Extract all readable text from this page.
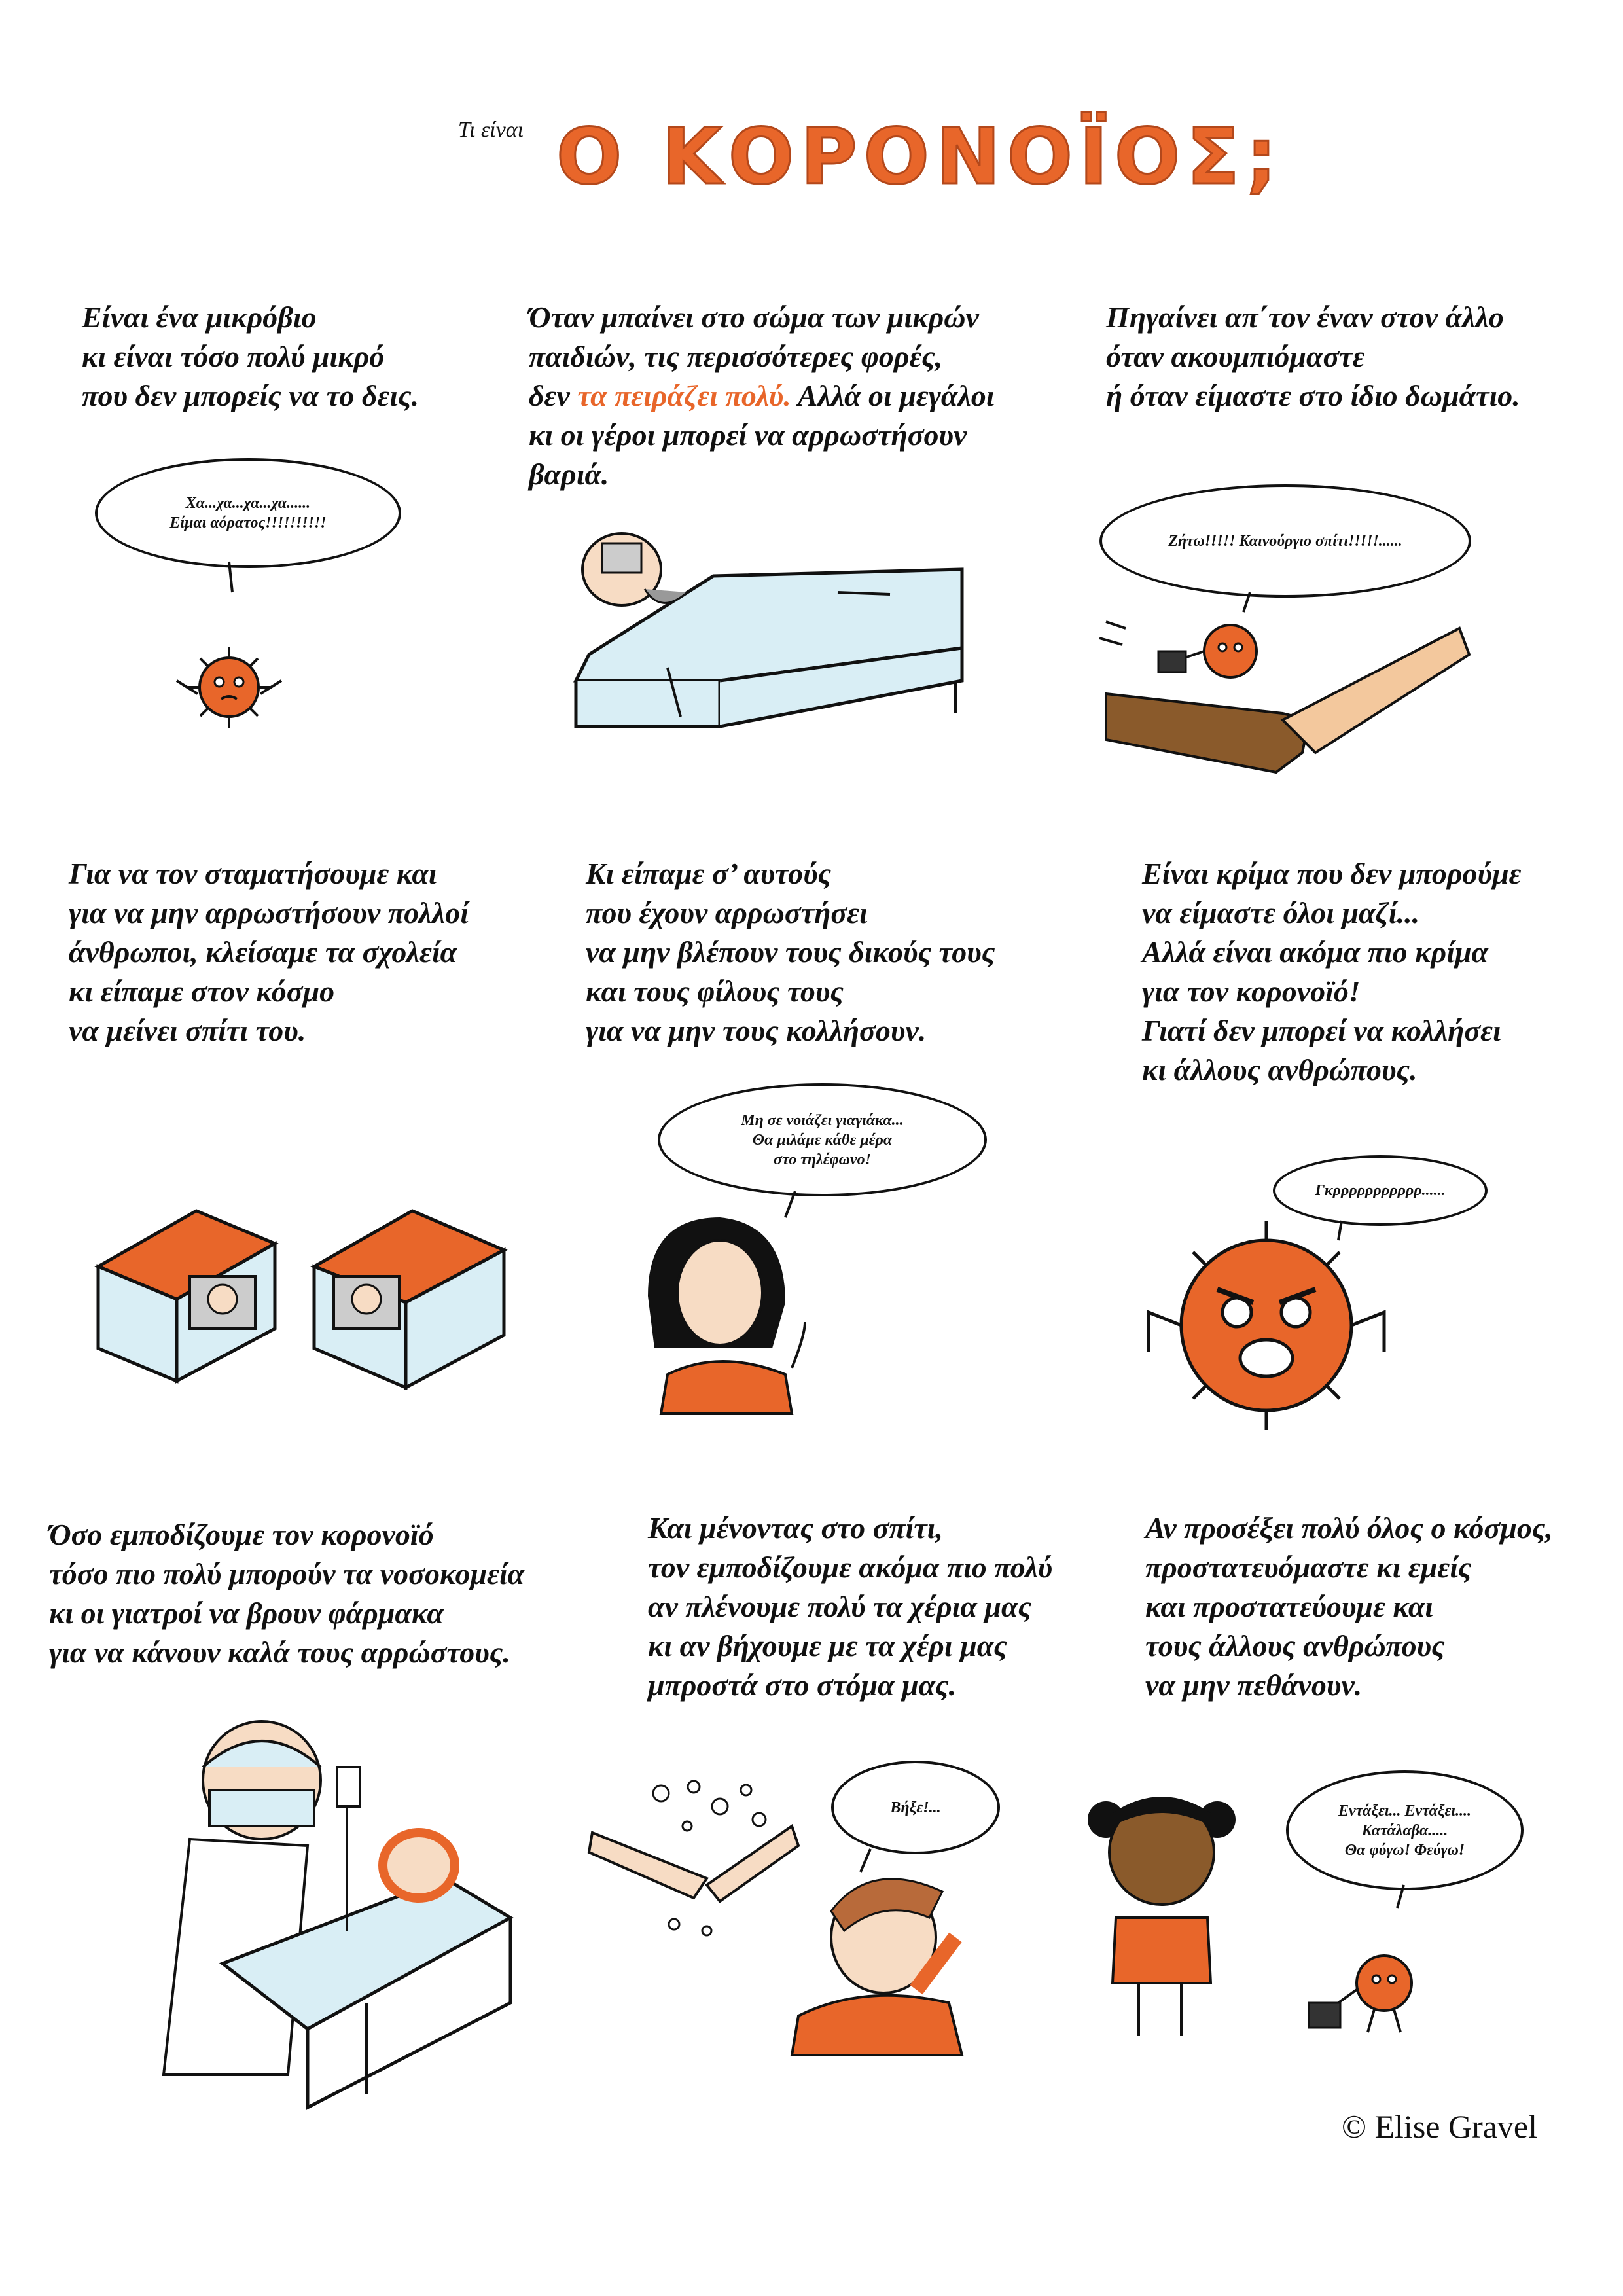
Τι είναι Ο ΚΟΡΟΝΟΪΟΣ;
Είναι ένα μικρόβιο
κι είναι τόσο πολύ μικρό
που δεν μπορείς να το δεις.
Χα...χα...χα...χα......
Είμαι αόρατος!!!!!!!!!!
Όταν μπαίνει στο σώμα των μικρών
παιδιών, τις περισσότερες φορές,
δεν τα πειράζει πολύ. Αλλά οι μεγάλοι
κι οι γέροι μπορεί να αρρωστήσουν
βαριά.
Πηγαίνει απ΄τον έναν στον άλλο
όταν ακουμπιόμαστε
ή όταν είμαστε στο ίδιο δωμάτιο.
Ζήτω!!!!! Καινούργιο σπίτι!!!!!......
Για να τον σταματήσουμε και
για να μην αρρωστήσουν πολλοί
άνθρωποι, κλείσαμε τα σχολεία
κι είπαμε στον κόσμο
να μείνει σπίτι του.
Κι είπαμε σ’ αυτούς
που έχουν αρρωστήσει
να μην βλέπουν τους δικούς τους
και τους φίλους τους
για να μην τους κολλήσουν.
Μη σε νοιάζει γιαγιάκα...
Θα μιλάμε κάθε μέρα
στο τηλέφωνο!
Είναι κρίμα που δεν μπορούμε
να είμαστε όλοι μαζί...
Αλλά είναι ακόμα πιο κρίμα
για τον κορονοϊό!
Γιατί δεν μπορεί να κολλήσει
κι άλλους ανθρώπους.
Γκρρρρρρρρρρρ......
Όσο εμποδίζουμε τον κορονοϊό
τόσο πιο πολύ μπορούν τα νοσοκομεία
κι οι γιατροί να βρουν φάρμακα
για να κάνουν καλά τους αρρώστους.
Και μένοντας στο σπίτι,
τον εμποδίζουμε ακόμα πιο πολύ
αν πλένουμε πολύ τα χέρια μας
κι αν βήχουμε με τα χέρι μας
μπροστά στο στόμα μας.
Βήξε!...
Αν προσέξει πολύ όλος ο κόσμος,
προστατευόμαστε κι εμείς
και προστατεύουμε και
τους άλλους ανθρώπους
να μην πεθάνουν.
Εντάξει... Εντάξει....
Κατάλαβα.....
Θα φύγω! Φεύγω!
© Elise Gravel
